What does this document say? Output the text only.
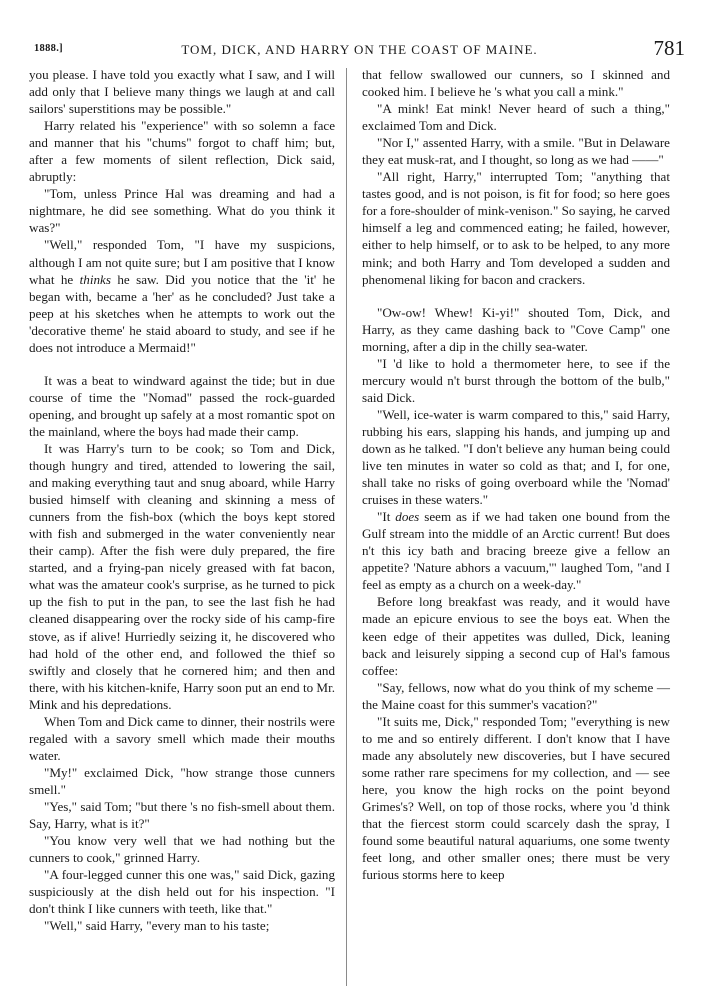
1888.]	TOM, DICK, AND HARRY ON THE COAST OF MAINE.	781

you please. I have told you exactly what I saw, and I will add only that I believe many things we laugh at and call sailors' superstitions may be possible."

Harry related his "experience" with so solemn a face and manner that his "chums" forgot to chaff him; but, after a few moments of silent reflection, Dick said, abruptly:

"Tom, unless Prince Hal was dreaming and had a nightmare, he did see something. What do you think it was?"

"Well," responded Tom, "I have my suspicions, although I am not quite sure; but I am positive that I know what he thinks he saw. Did you notice that the 'it' he began with, became a 'her' as he concluded? Just take a peep at his sketches when he attempts to work out the 'decorative theme' he staid aboard to study, and see if he does not introduce a Mermaid!"

It was a beat to windward against the tide; but in due course of time the "Nomad" passed the rock-guarded opening, and brought up safely at a most romantic spot on the mainland, where the boys had made their camp.

It was Harry's turn to be cook; so Tom and Dick, though hungry and tired, attended to lowering the sail, and making everything taut and snug aboard, while Harry busied himself with cleaning and skinning a mess of cunners from the fish-box (which the boys kept stored with fish and submerged in the water conveniently near their camp). After the fish were duly prepared, the fire started, and a frying-pan nicely greased with fat bacon, what was the amateur cook's surprise, as he turned to pick up the fish to put in the pan, to see the last fish he had cleaned disappearing over the rocky side of his camp-fire stove, as if alive! Hurriedly seizing it, he discovered who had hold of the other end, and followed the thief so swiftly and closely that he cornered him; and then and there, with his kitchen-knife, Harry soon put an end to Mr. Mink and his depredations.

When Tom and Dick came to dinner, their nostrils were regaled with a savory smell which made their mouths water.

"My!" exclaimed Dick, "how strange those cunners smell."

"Yes," said Tom; "but there 's no fish-smell about them. Say, Harry, what is it?"

"You know very well that we had nothing but the cunners to cook," grinned Harry.

"A four-legged cunner this one was," said Dick, gazing suspiciously at the dish held out for his inspection. "I don't think I like cunners with teeth, like that."

"Well," said Harry, "every man to his taste;

that fellow swallowed our cunners, so I skinned and cooked him. I believe he 's what you call a mink."

"A mink! Eat mink! Never heard of such a thing," exclaimed Tom and Dick.

"Nor I," assented Harry, with a smile. "But in Delaware they eat musk-rat, and I thought, so long as we had ——"

"All right, Harry," interrupted Tom; "anything that tastes good, and is not poison, is fit for food; so here goes for a fore-shoulder of mink-venison." So saying, he carved himself a leg and commenced eating; he failed, however, either to help himself, or to ask to be helped, to any more mink; and both Harry and Tom developed a sudden and phenomenal liking for bacon and crackers.

"Ow-ow! Whew! Ki-yi!" shouted Tom, Dick, and Harry, as they came dashing back to "Cove Camp" one morning, after a dip in the chilly sea-water.

"I 'd like to hold a thermometer here, to see if the mercury would n't burst through the bottom of the bulb," said Dick.

"Well, ice-water is warm compared to this," said Harry, rubbing his ears, slapping his hands, and jumping up and down as he talked. "I don't believe any human being could live ten minutes in water so cold as that; and I, for one, shall take no risks of going overboard while the 'Nomad' cruises in these waters."

"It does seem as if we had taken one bound from the Gulf stream into the middle of an Arctic current! But does n't this icy bath and bracing breeze give a fellow an appetite? 'Nature abhors a vacuum,'" laughed Tom, "and I feel as empty as a church on a week-day."

Before long breakfast was ready, and it would have made an epicure envious to see the boys eat. When the keen edge of their appetites was dulled, Dick, leaning back and leisurely sipping a second cup of Hal's famous coffee:

"Say, fellows, now what do you think of my scheme — the Maine coast for this summer's vacation?"

"It suits me, Dick," responded Tom; "everything is new to me and so entirely different. I don't know that I have made any absolutely new discoveries, but I have secured some rather rare specimens for my collection, and — see here, you know the high rocks on the point beyond Grimes's? Well, on top of those rocks, where you 'd think that the fiercest storm could scarcely dash the spray, I found some beautiful natural aquariums, one some twenty feet long, and other smaller ones; there must be very furious storms here to keep
